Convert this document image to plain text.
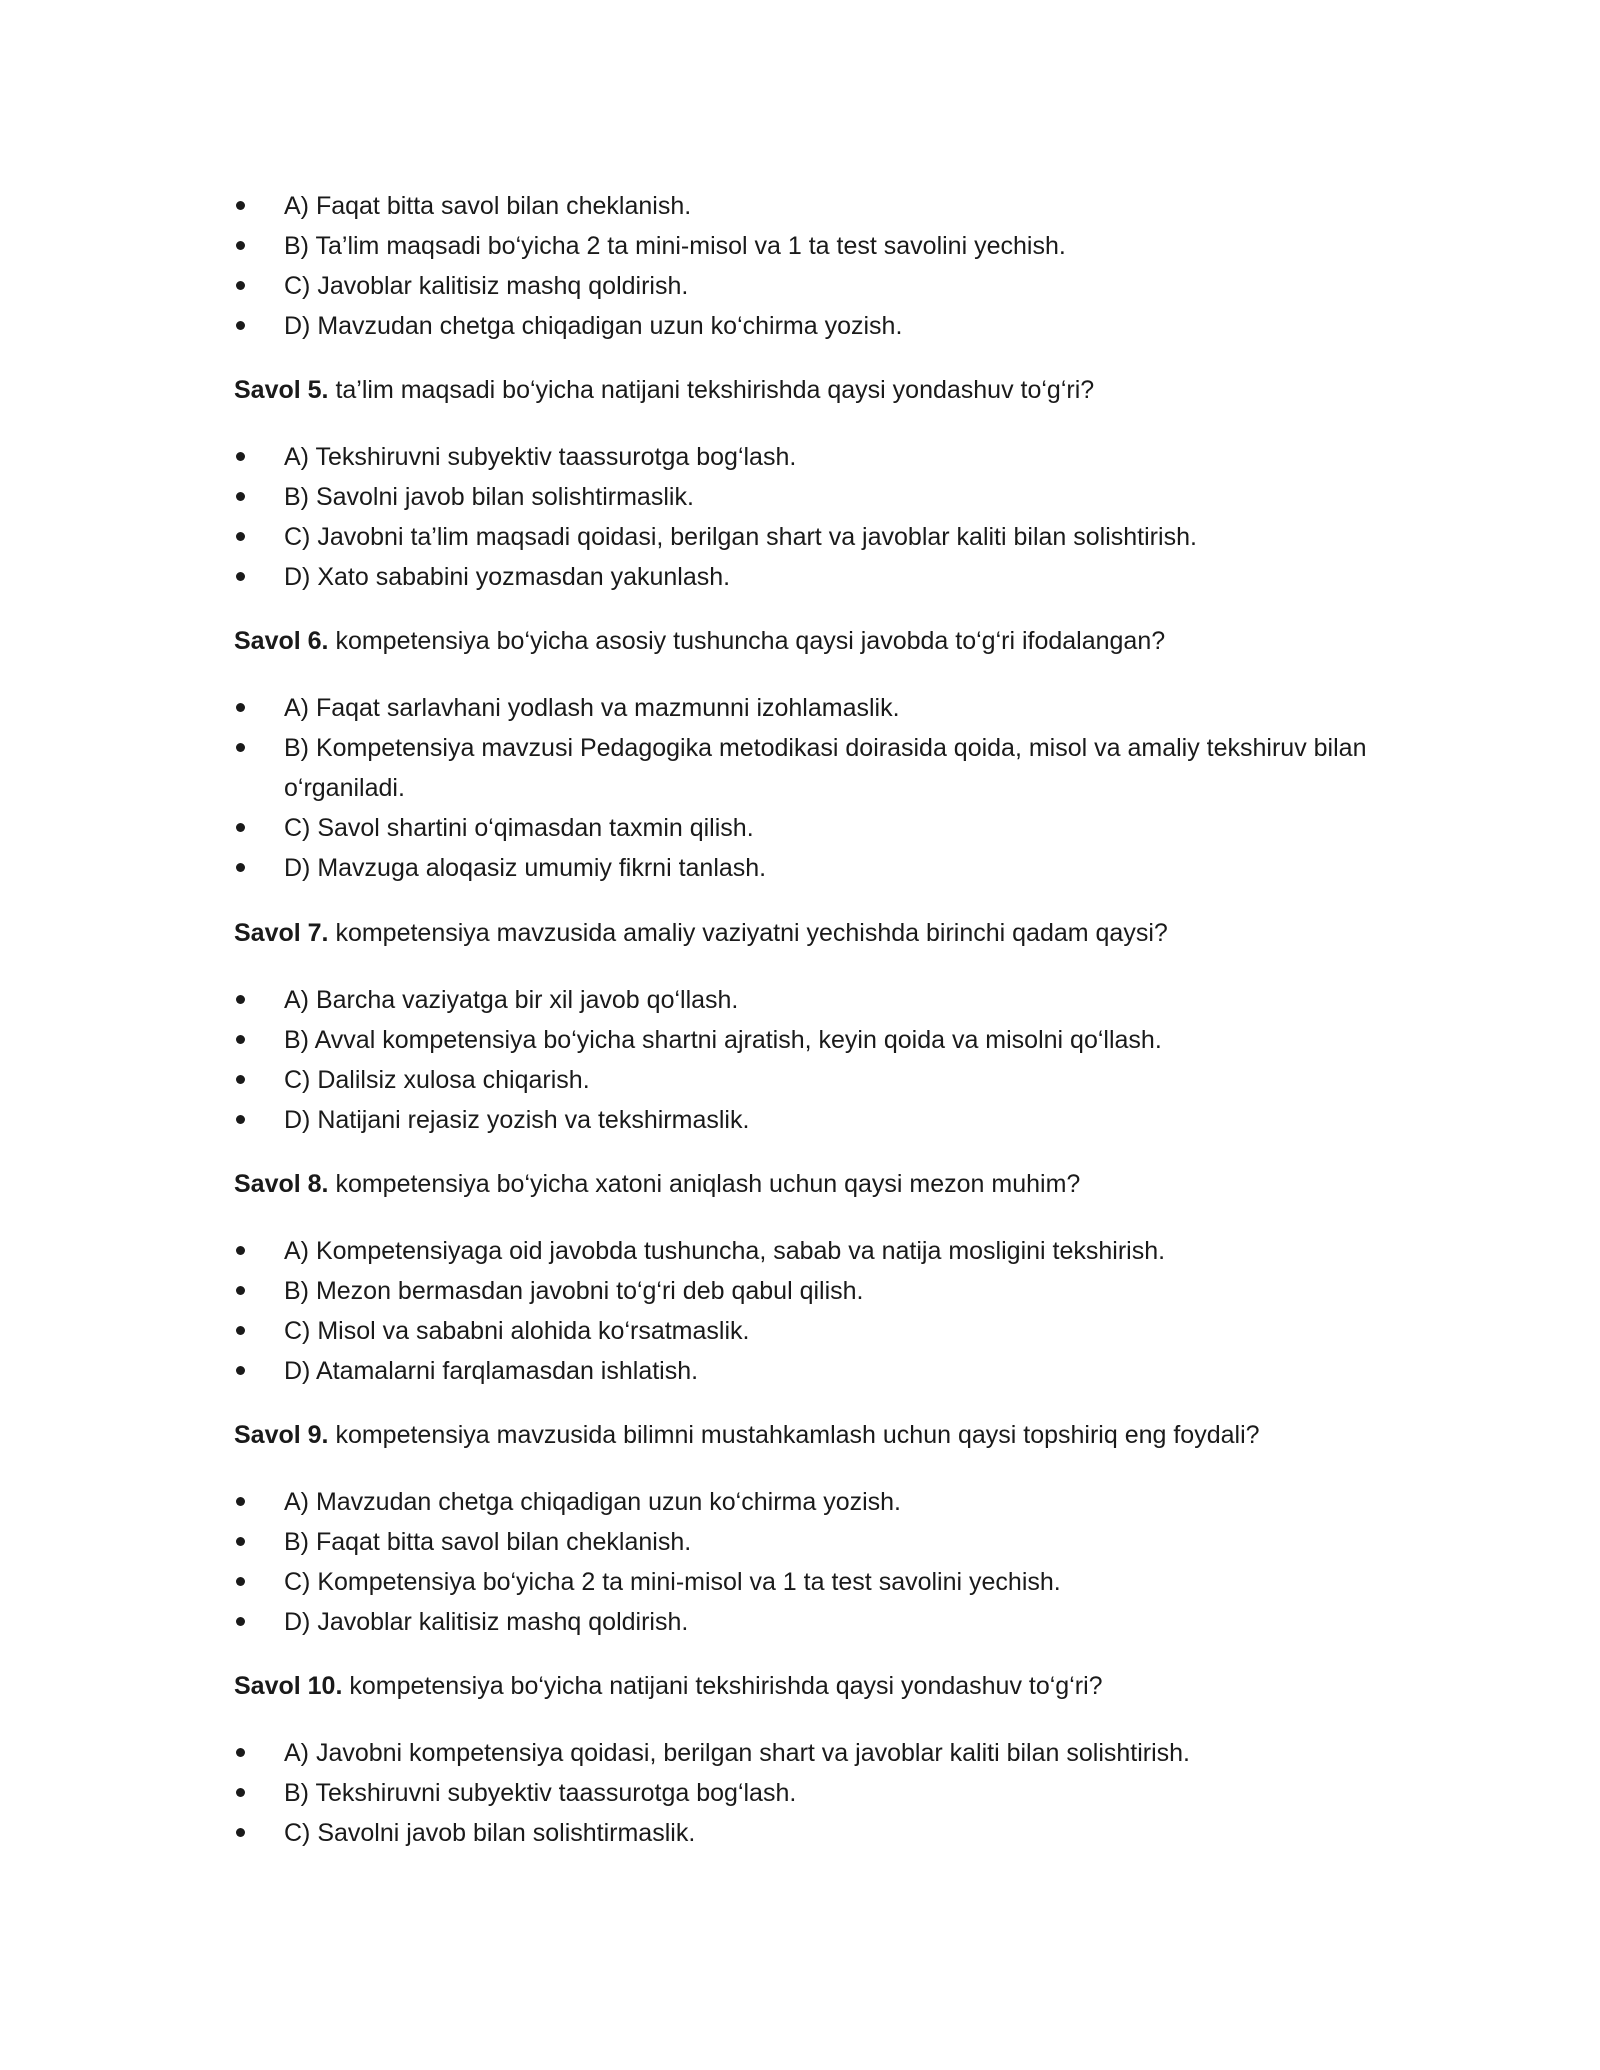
A) Faqat bitta savol bilan cheklanish.
B) Ta’lim maqsadi bo‘yicha 2 ta mini-misol va 1 ta test savolini yechish.
C) Javoblar kalitisiz mashq qoldirish.
D) Mavzudan chetga chiqadigan uzun ko‘chirma yozish.
Savol 5. ta’lim maqsadi bo‘yicha natijani tekshirishda qaysi yondashuv to‘g‘ri?
A) Tekshiruvni subyektiv taassurotga bog‘lash.
B) Savolni javob bilan solishtirmaslik.
C) Javobni ta’lim maqsadi qoidasi, berilgan shart va javoblar kaliti bilan solishtirish.
D) Xato sababini yozmasdan yakunlash.
Savol 6. kompetensiya bo‘yicha asosiy tushuncha qaysi javobda to‘g‘ri ifodalangan?
A) Faqat sarlavhani yodlash va mazmunni izohlamaslik.
B) Kompetensiya mavzusi Pedagogika metodikasi doirasida qoida, misol va amaliy tekshiruv bilan o‘rganiladi.
C) Savol shartini o‘qimasdan taxmin qilish.
D) Mavzuga aloqasiz umumiy fikrni tanlash.
Savol 7. kompetensiya mavzusida amaliy vaziyatni yechishda birinchi qadam qaysi?
A) Barcha vaziyatga bir xil javob qo‘llash.
B) Avval kompetensiya bo‘yicha shartni ajratish, keyin qoida va misolni qo‘llash.
C) Dalilsiz xulosa chiqarish.
D) Natijani rejasiz yozish va tekshirmaslik.
Savol 8. kompetensiya bo‘yicha xatoni aniqlash uchun qaysi mezon muhim?
A) Kompetensiyaga oid javobda tushuncha, sabab va natija mosligini tekshirish.
B) Mezon bermasdan javobni to‘g‘ri deb qabul qilish.
C) Misol va sababni alohida ko‘rsatmaslik.
D) Atamalarni farqlamasdan ishlatish.
Savol 9. kompetensiya mavzusida bilimni mustahkamlash uchun qaysi topshiriq eng foydali?
A) Mavzudan chetga chiqadigan uzun ko‘chirma yozish.
B) Faqat bitta savol bilan cheklanish.
C) Kompetensiya bo‘yicha 2 ta mini-misol va 1 ta test savolini yechish.
D) Javoblar kalitisiz mashq qoldirish.
Savol 10. kompetensiya bo‘yicha natijani tekshirishda qaysi yondashuv to‘g‘ri?
A) Javobni kompetensiya qoidasi, berilgan shart va javoblar kaliti bilan solishtirish.
B) Tekshiruvni subyektiv taassurotga bog‘lash.
C) Savolni javob bilan solishtirmaslik.
